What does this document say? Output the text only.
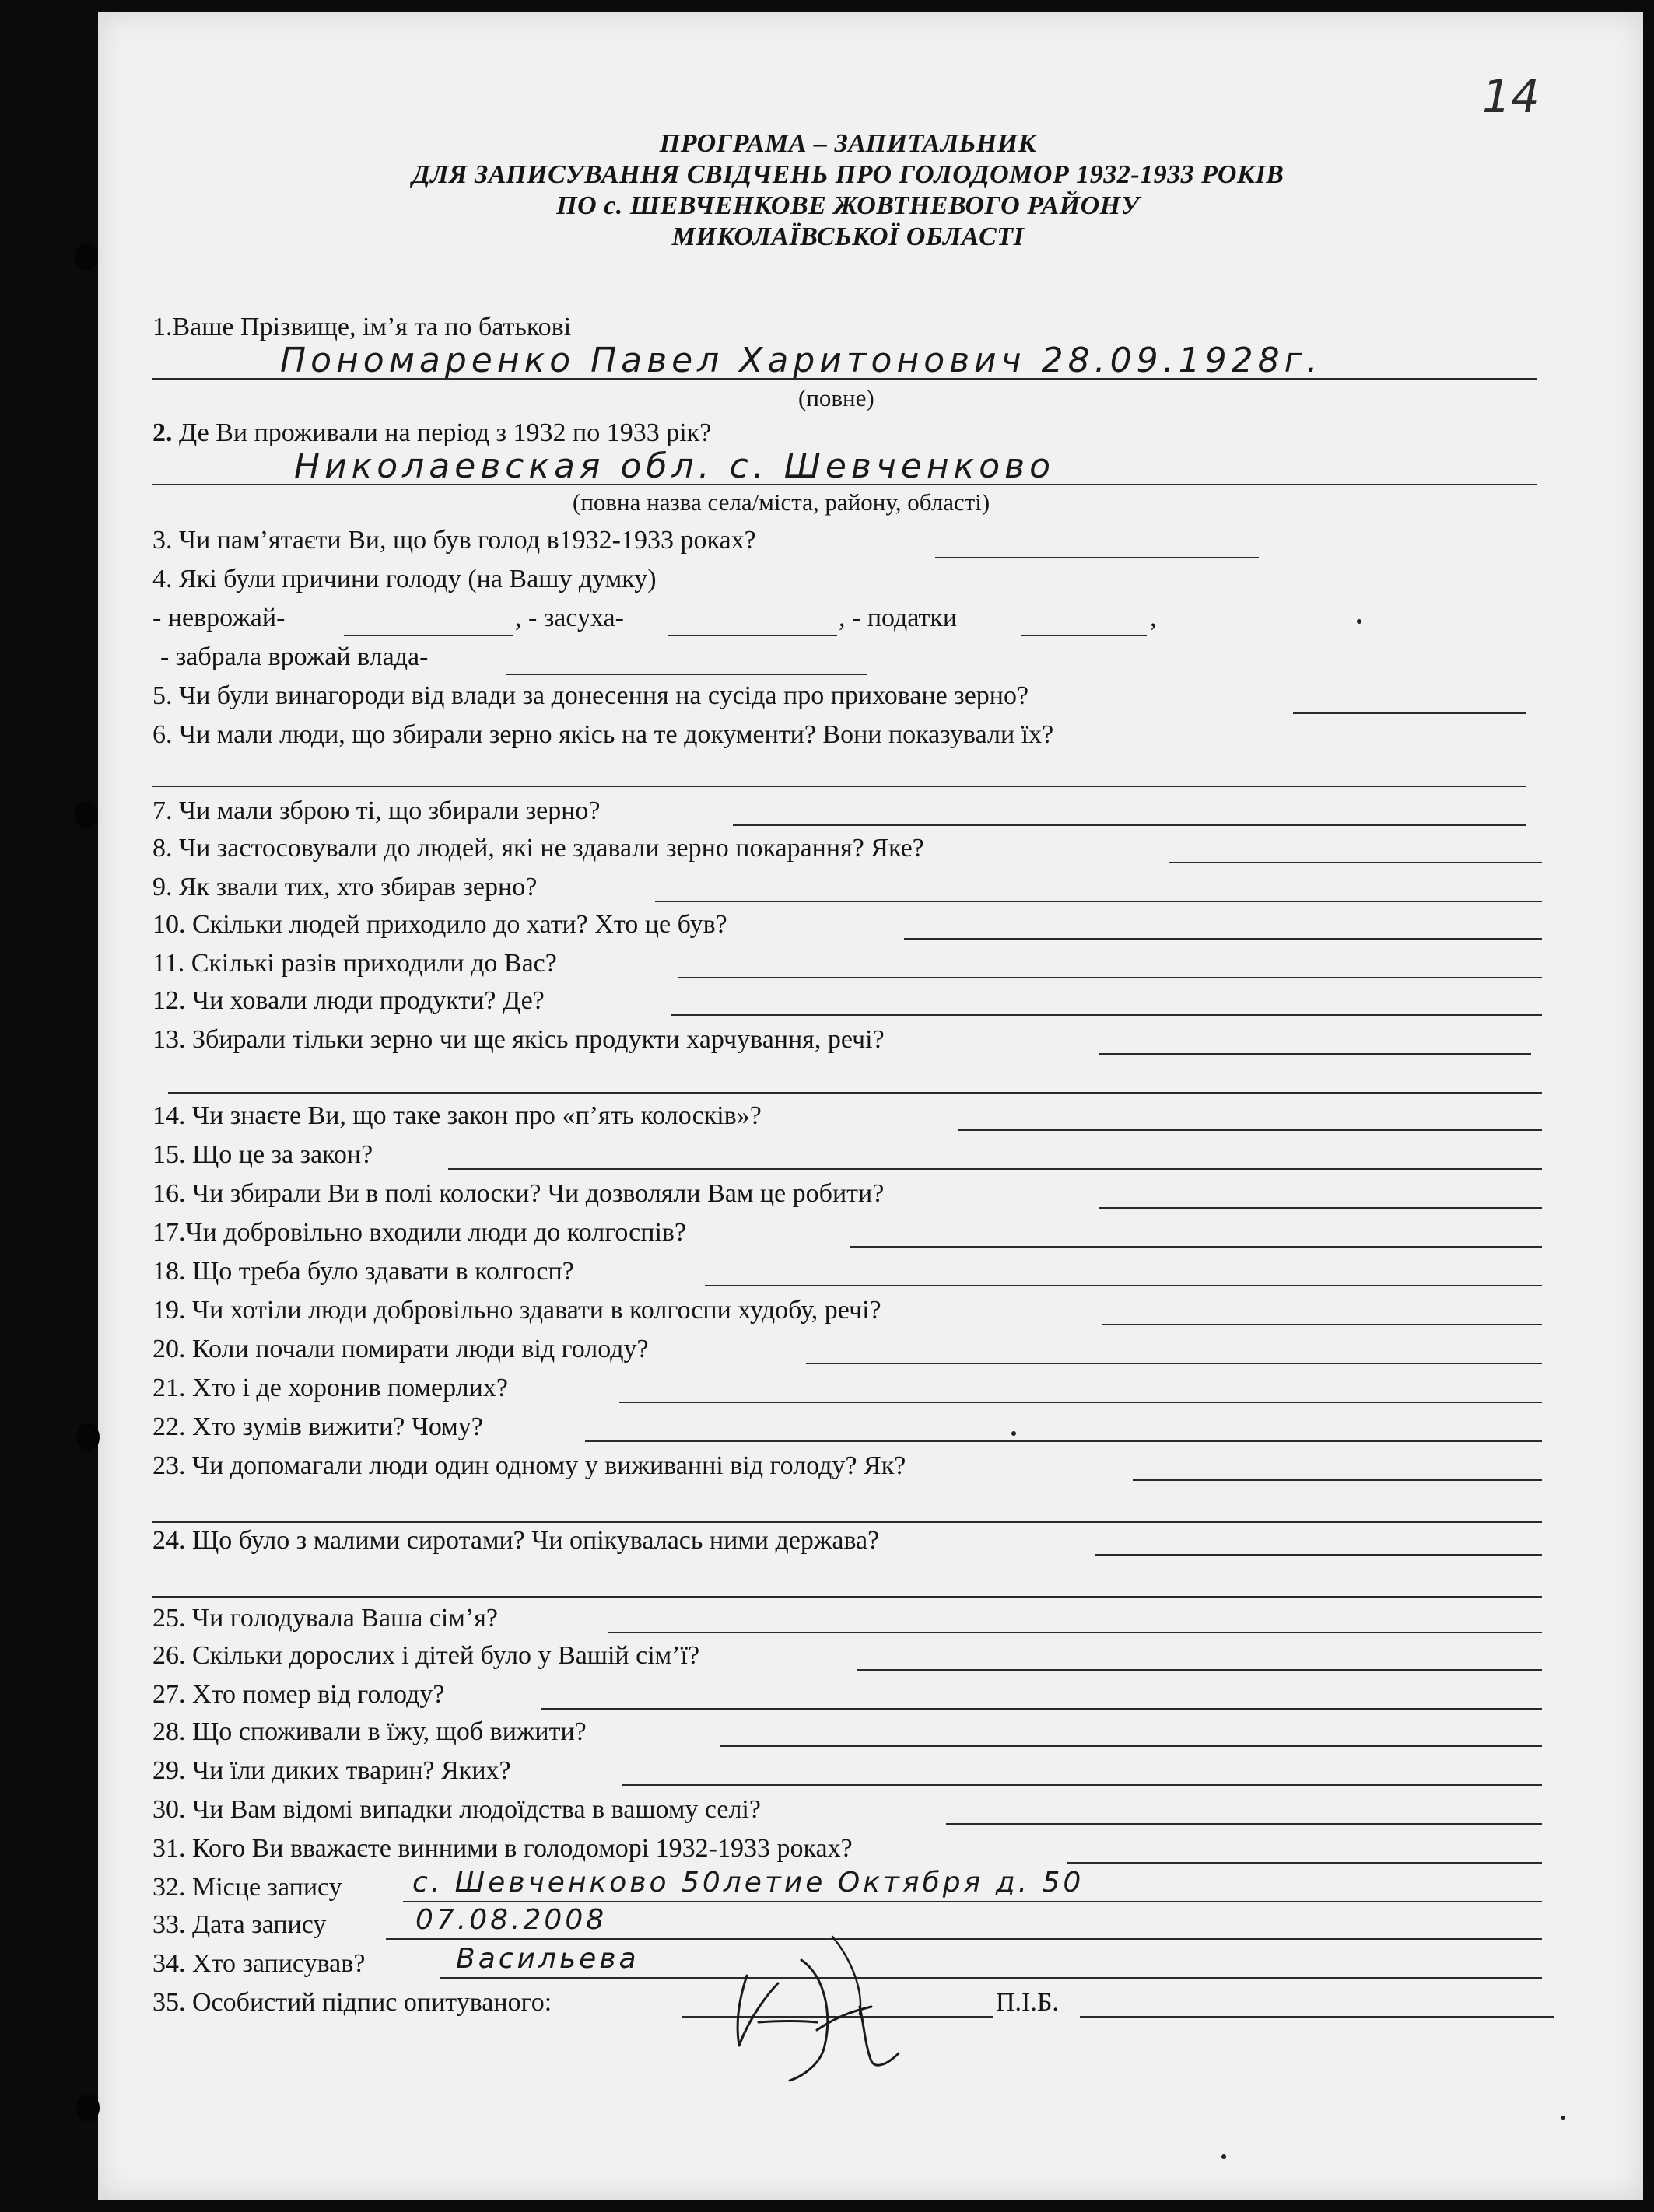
14
ПРОГРАМА – ЗАПИТАЛЬНИК
ДЛЯ ЗАПИСУВАННЯ СВІДЧЕНЬ ПРО ГОЛОДОМОР 1932-1933 РОКІВ
ПО с. ШЕВЧЕНКОВЕ ЖОВТНЕВОГО РАЙОНУ
МИКОЛАЇВСЬКОЇ ОБЛАСТІ
1.Ваше Прізвище, ім’я та по батькові
Пономаренко Павел Харитонович 28.09.1928г.
(повне)
2. Де Ви проживали на період з 1932 по 1933 рік?
Николаевская обл. с. Шевченково
(повна назва села/міста, району, області)
3. Чи пам’ятаєти Ви, що був голод в1932-1933 роках?
4. Які були причини голоду (на Вашу думку)
- неврожай-	, - засуха-	, - податки	,
- забрала врожай влада-
5. Чи були винагороди від влади за донесення на сусіда про приховане зерно?
6. Чи мали люди, що збирали зерно якісь на те документи? Вони показували їх?
7. Чи мали зброю ті, що збирали зерно?
8. Чи застосовували до людей, які не здавали зерно покарання? Яке?
9. Як звали тих, хто збирав зерно?
10. Скільки людей приходило до хати? Хто це був?
11. Скількі разів приходили до Вас?
12. Чи ховали люди продукти? Де?
13. Збирали тільки зерно чи ще якісь продукти харчування, речі?
14. Чи знаєте Ви, що таке закон про «п’ять колосків»?
15. Що це за закон?
16. Чи збирали Ви в полі колоски? Чи дозволяли Вам це робити?
17.Чи добровільно входили люди до колгоспів?
18. Що треба було здавати в колгосп?
19. Чи хотіли люди добровільно здавати в колгоспи худобу, речі?
20. Коли почали помирати люди від голоду?
21. Хто і де хоронив померлих?
22. Хто зумів вижити? Чому?
23. Чи допомагали люди один одному у виживанні від голоду? Як?
24. Що було з малими сиротами? Чи опікувалась ними держава?
25. Чи голодувала Ваша сім’я?
26. Скільки дорослих і дітей було у Вашій сім’ї?
27. Хто помер від голоду?
28. Що споживали в їжу, щоб вижити?
29. Чи їли диких тварин? Яких?
30. Чи Вам відомі випадки людоїдства в вашому селі?
31. Кого Ви вважаєте винними в голодоморі 1932-1933 роках?
32. Місце запису	с. Шевченково 50летие Октября д. 50
33. Дата запису	07.08.2008
34. Хто записував?	Васильева
35. Особистий підпис опитуваного:	П.І.Б.
